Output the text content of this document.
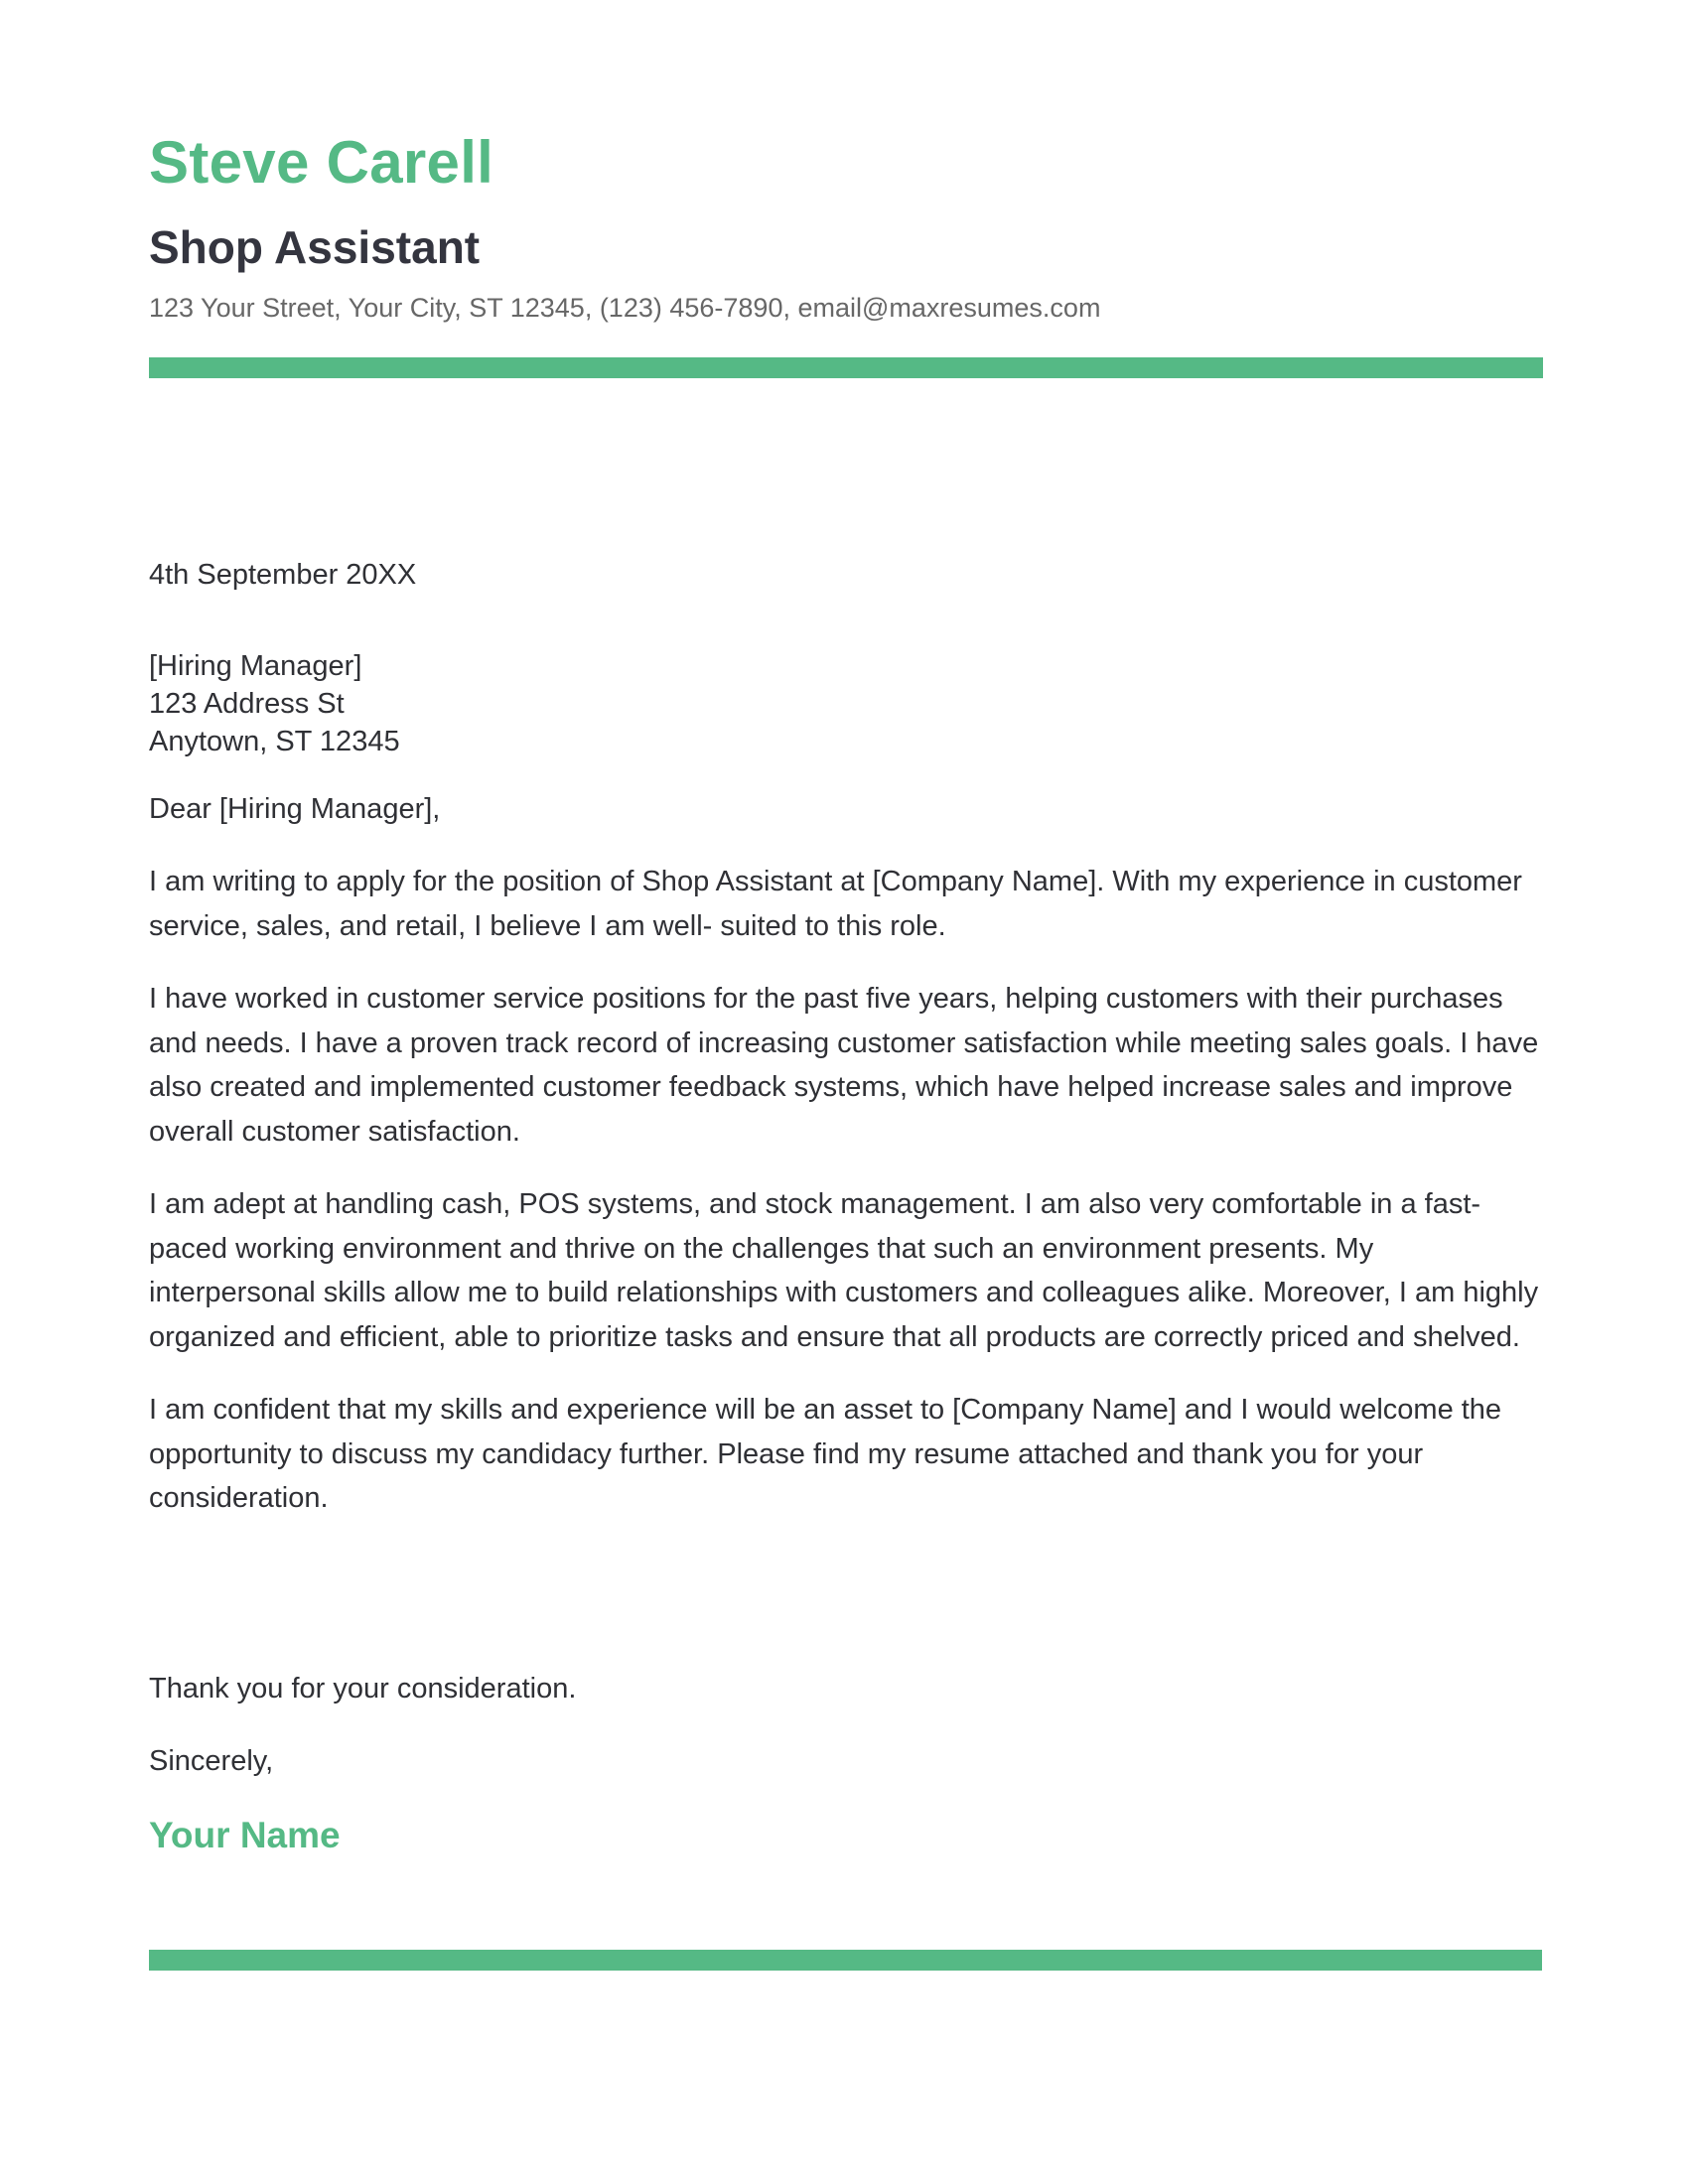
Steve Carell
Shop Assistant
123 Your Street, Your City, ST 12345, (123) 456-7890, email@maxresumes.com
4th September 20XX
[Hiring Manager]
123 Address St
Anytown, ST 12345
Dear [Hiring Manager],

I am writing to apply for the position of Shop Assistant at [Company Name]. With my experience in customer service, sales, and retail, I believe I am well- suited to this role.

I have worked in customer service positions for the past five years, helping customers with their purchases and needs. I have a proven track record of increasing customer satisfaction while meeting sales goals. I have also created and implemented customer feedback systems, which have helped increase sales and improve overall customer satisfaction.

I am adept at handling cash, POS systems, and stock management. I am also very comfortable in a fast-paced working environment and thrive on the challenges that such an environment presents. My interpersonal skills allow me to build relationships with customers and colleagues alike. Moreover, I am highly organized and efficient, able to prioritize tasks and ensure that all products are correctly priced and shelved.

I am confident that my skills and experience will be an asset to [Company Name] and I would welcome the opportunity to discuss my candidacy further. Please find my resume attached and thank you for your consideration.

Thank you for your consideration.
Sincerely,
Your Name
